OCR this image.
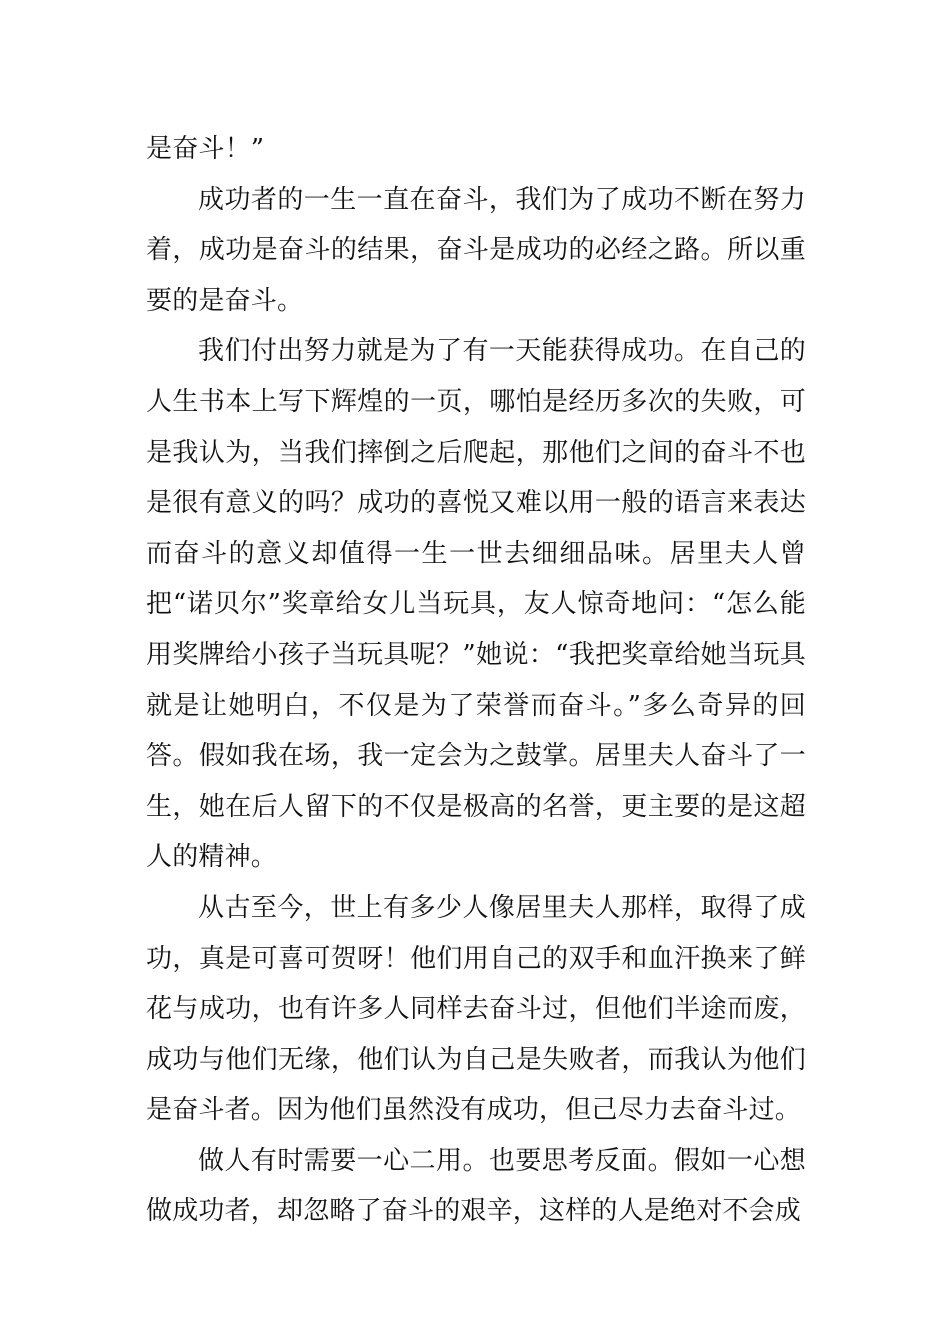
是奋斗！”

成功者的一生一直在奋斗，我们为了成功不断在努力着，成功是奋斗的结果，奋斗是成功的必经之路。所以重要的是奋斗。

我们付出努力就是为了有一天能获得成功。在自己的人生书本上写下辉煌的一页，哪怕是经历多次的失败，可是我认为，当我们摔倒之后爬起，那他们之间的奋斗不也是很有意义的吗？成功的喜悦又难以用一般的语言来表达而奋斗的意义却值得一生一世去细细品味。居里夫人曾把“诺贝尔”奖章给女儿当玩具，友人惊奇地问：“怎么能用奖牌给小孩子当玩具呢？”她说：“我把奖章给她当玩具就是让她明白，不仅是为了荣誉而奋斗。”多么奇异的回答。假如我在场，我一定会为之鼓掌。居里夫人奋斗了一生，她在后人留下的不仅是极高的名誉，更主要的是这超人的精神。

从古至今，世上有多少人像居里夫人那样，取得了成功，真是可喜可贺呀！他们用自己的双手和血汗换来了鲜花与成功，也有许多人同样去奋斗过，但他们半途而废，成功与他们无缘，他们认为自己是失败者，而我认为他们是奋斗者。因为他们虽然没有成功，但己尽力去奋斗过。

做人有时需要一心二用。也要思考反面。假如一心想做成功者，却忽略了奋斗的艰辛，这样的人是绝对不会成
